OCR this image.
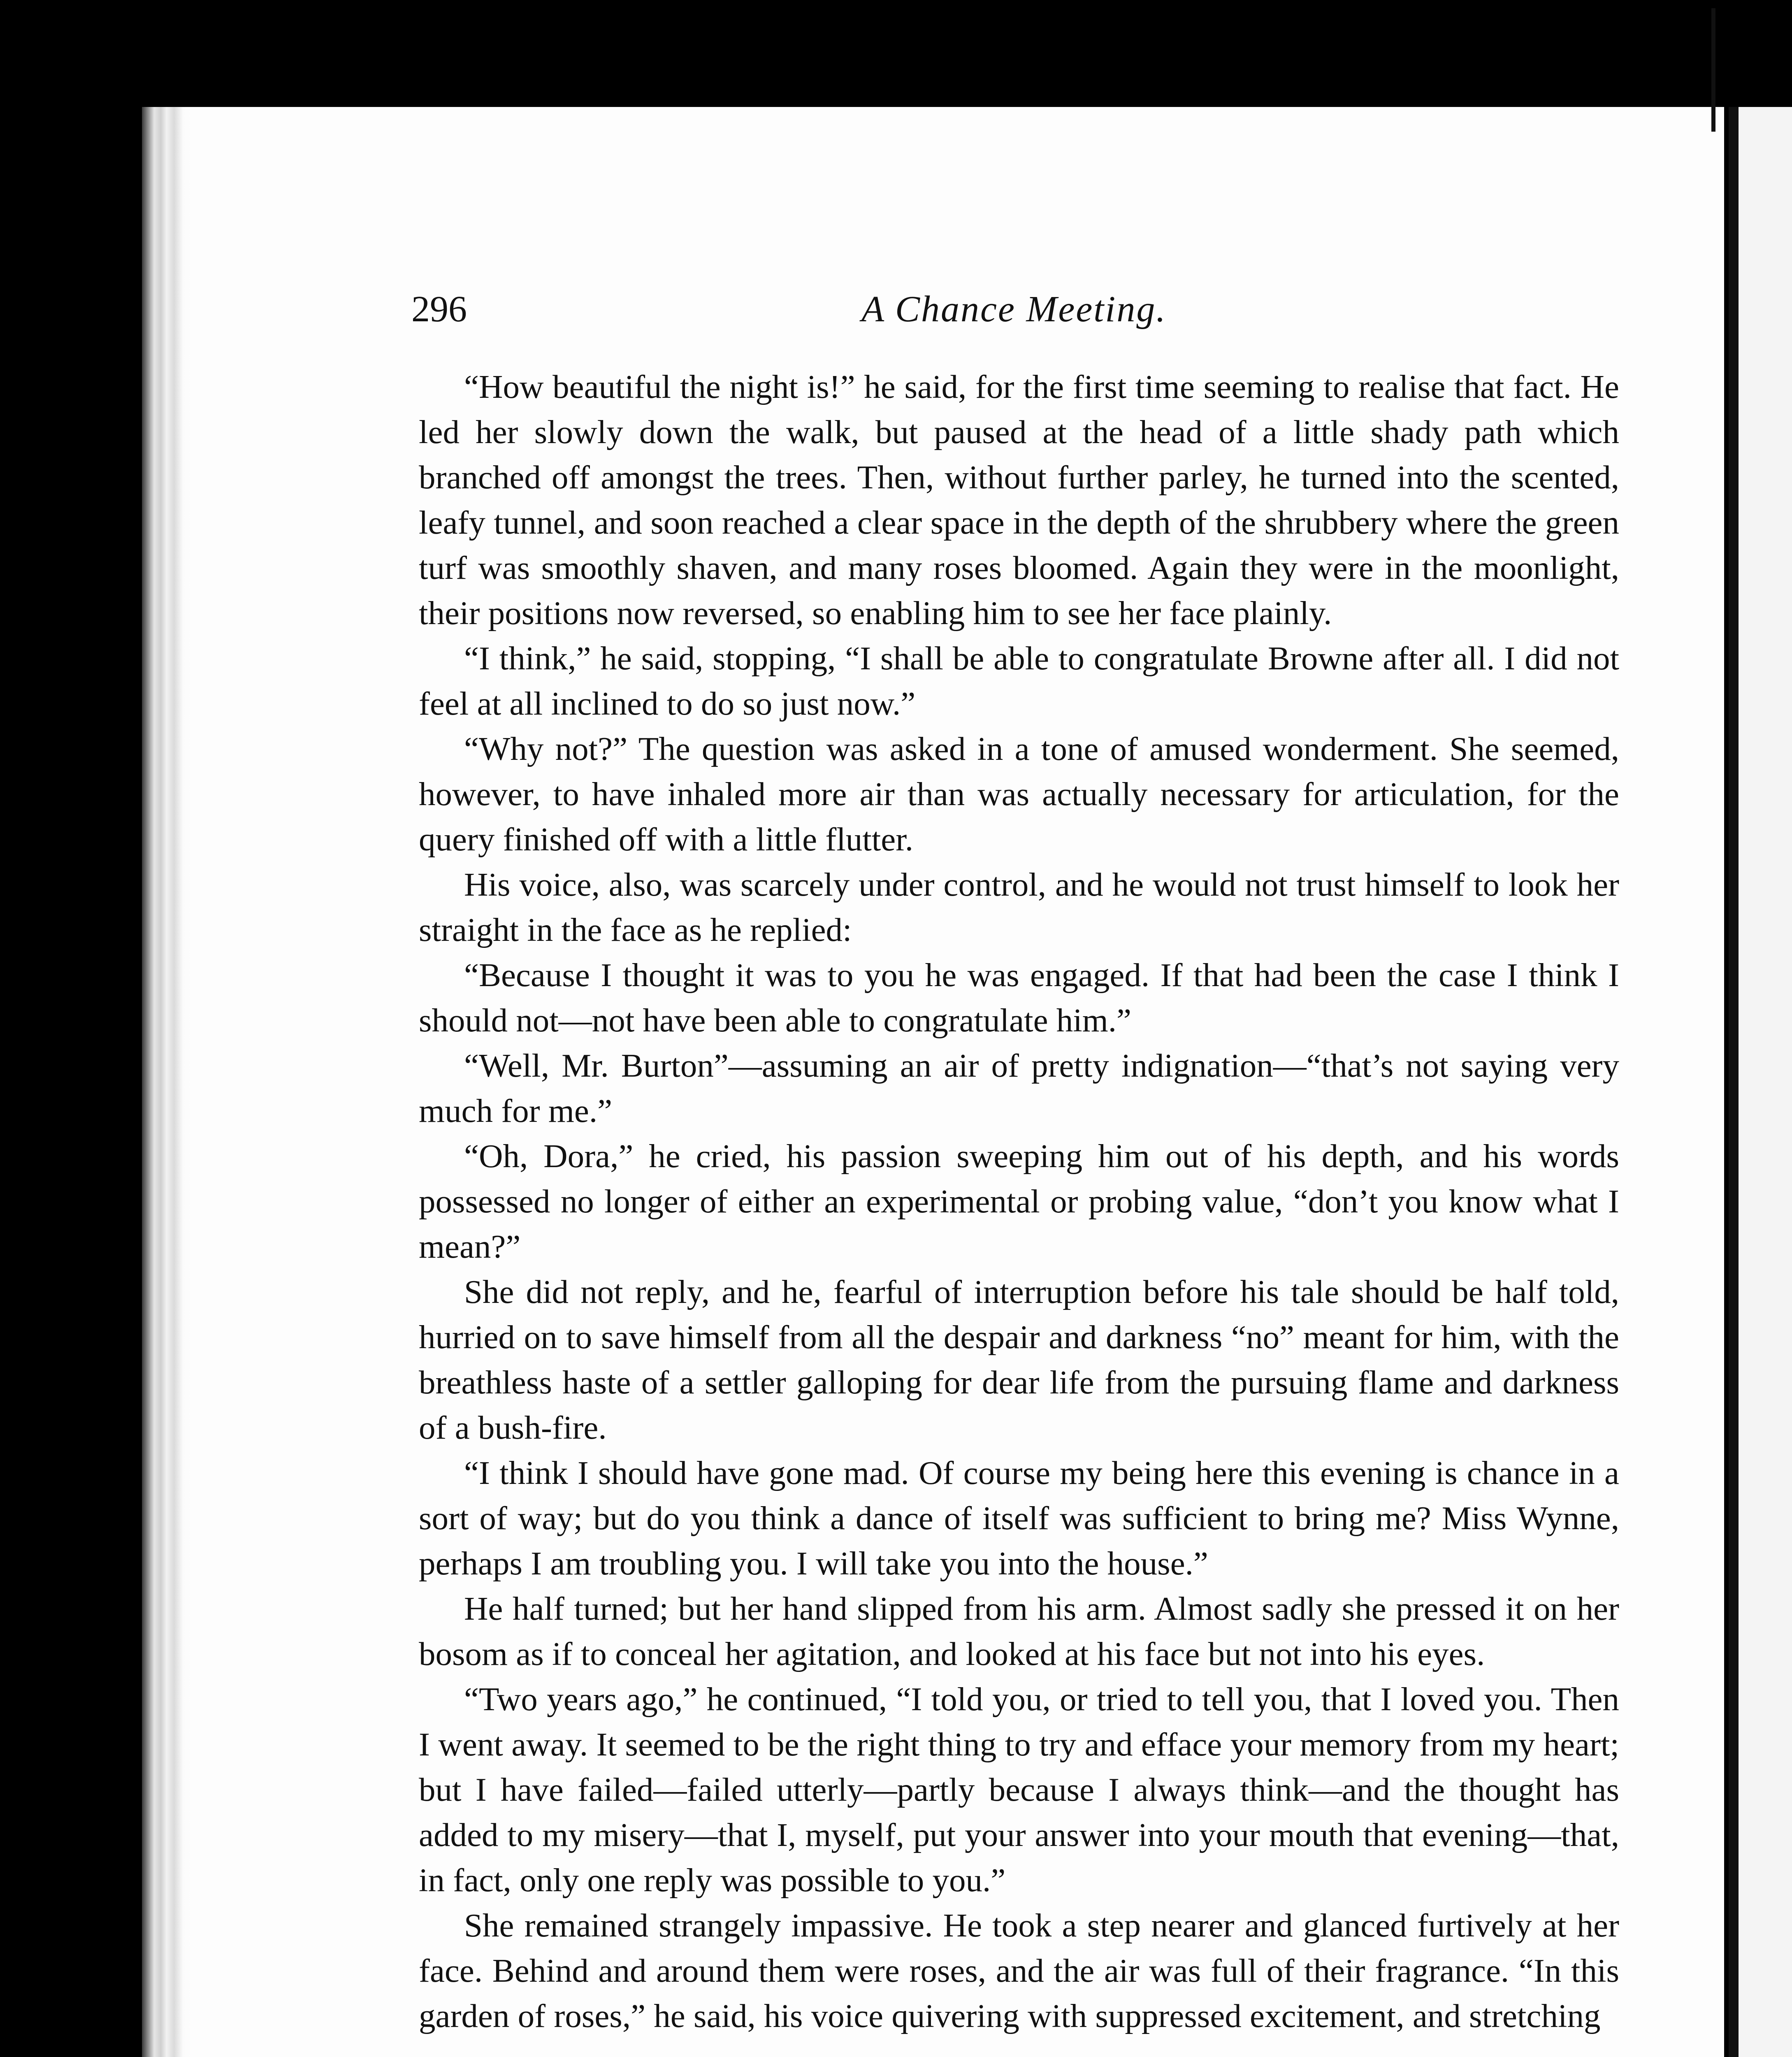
296	A Chance Meeting.

“How beautiful the night is!” he said, for the first time seeming to realise that fact. He led her slowly down the walk, but paused at the head of a little shady path which branched off amongst the trees. Then, without further parley, he turned into the scented, leafy tunnel, and soon reached a clear space in the depth of the shrubbery where the green turf was smoothly shaven, and many roses bloomed. Again they were in the moonlight, their positions now reversed, so enabling him to see her face plainly.

“I think,” he said, stopping, “I shall be able to congratulate Browne after all. I did not feel at all inclined to do so just now.”

“Why not?” The question was asked in a tone of amused wonderment. She seemed, however, to have inhaled more air than was actually necessary for articulation, for the query finished off with a little flutter.

His voice, also, was scarcely under control, and he would not trust himself to look her straight in the face as he replied:

“Because I thought it was to you he was engaged. If that had been the case I think I should not—not have been able to congratulate him.”

“Well, Mr. Burton”—assuming an air of pretty indignation—“that’s not saying very much for me.”

“Oh, Dora,” he cried, his passion sweeping him out of his depth, and his words possessed no longer of either an experimental or probing value, “don’t you know what I mean?”

She did not reply, and he, fearful of interruption before his tale should be half told, hurried on to save himself from all the despair and darkness “no” meant for him, with the breathless haste of a settler galloping for dear life from the pursuing flame and darkness of a bush-fire.

“I think I should have gone mad. Of course my being here this evening is chance in a sort of way; but do you think a dance of itself was sufficient to bring me? Miss Wynne, perhaps I am troubling you. I will take you into the house.”

He half turned; but her hand slipped from his arm. Almost sadly she pressed it on her bosom as if to conceal her agitation, and looked at his face but not into his eyes.

“Two years ago,” he continued, “I told you, or tried to tell you, that I loved you. Then I went away. It seemed to be the right thing to try and efface your memory from my heart; but I have failed—failed utterly—partly because I always think—and the thought has added to my misery—that I, myself, put your answer into your mouth that evening—that, in fact, only one reply was possible to you.”

She remained strangely impassive. He took a step nearer and glanced furtively at her face. Behind and around them were roses, and the air was full of their fragrance. “In this garden of roses,” he said, his voice quivering with suppressed excitement, and stretching
